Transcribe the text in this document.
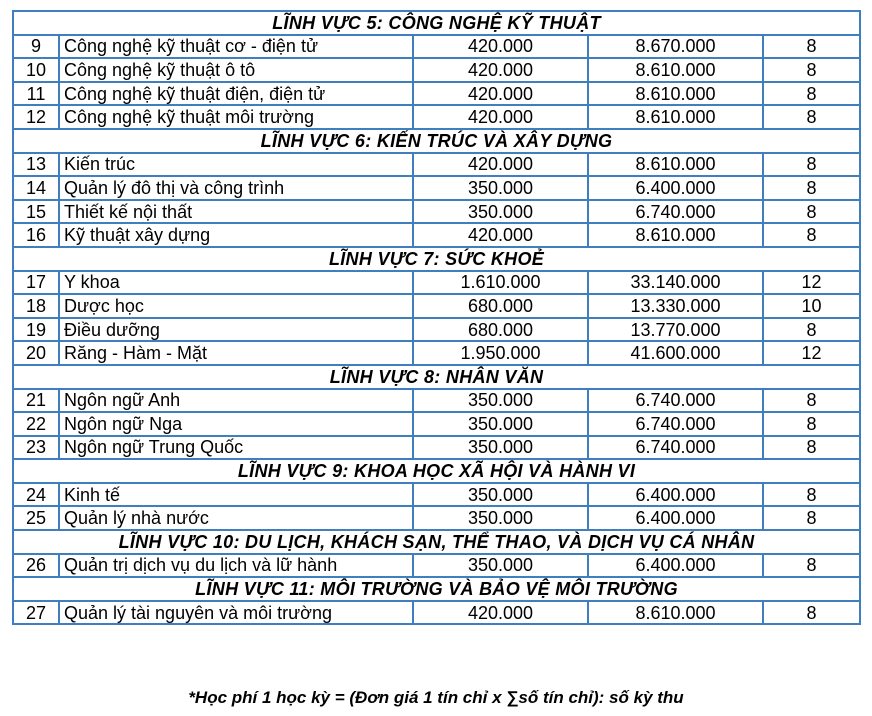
LĨNH VỰC 5: CÔNG NGHỆ KỸ THUẬT				
9	Công nghệ kỹ thuật cơ - điện tử	420.000	8.670.000	8
10	Công nghệ kỹ thuật ô tô	420.000	8.610.000	8
11	Công nghệ kỹ thuật điện, điện tử	420.000	8.610.000	8
12	Công nghệ kỹ thuật môi trường	420.000	8.610.000	8
LĨNH VỰC 6: KIẾN TRÚC VÀ XÂY DỰNG				
13	Kiến trúc	420.000	8.610.000	8
14	Quản lý đô thị và công trình	350.000	6.400.000	8
15	Thiết kế nội thất	350.000	6.740.000	8
16	Kỹ thuật xây dựng	420.000	8.610.000	8
LĨNH VỰC 7: SỨC KHOẺ				
17	Y khoa	1.610.000	33.140.000	12
18	Dược học	680.000	13.330.000	10
19	Điều dưỡng	680.000	13.770.000	8
20	Răng - Hàm - Mặt	1.950.000	41.600.000	12
LĨNH VỰC 8: NHÂN VĂN				
21	Ngôn ngữ Anh	350.000	6.740.000	8
22	Ngôn ngữ Nga	350.000	6.740.000	8
23	Ngôn ngữ Trung Quốc	350.000	6.740.000	8
LĨNH VỰC 9: KHOA HỌC XÃ HỘI VÀ HÀNH VI				
24	Kinh tế	350.000	6.400.000	8
25	Quản lý nhà nước	350.000	6.400.000	8
LĨNH VỰC 10: DU LỊCH, KHÁCH SẠN, THỂ THAO, VÀ DỊCH VỤ CÁ NHÂN				
26	Quản trị dịch vụ du lịch và lữ hành	350.000	6.400.000	8
LĨNH VỰC 11: MÔI TRƯỜNG VÀ BẢO VỆ MÔI TRƯỜNG				
27	Quản lý tài nguyên và môi trường	420.000	8.610.000	8
*Học phí 1 học kỳ = (Đơn giá 1 tín chỉ x ∑số tín chỉ): số kỳ thu
